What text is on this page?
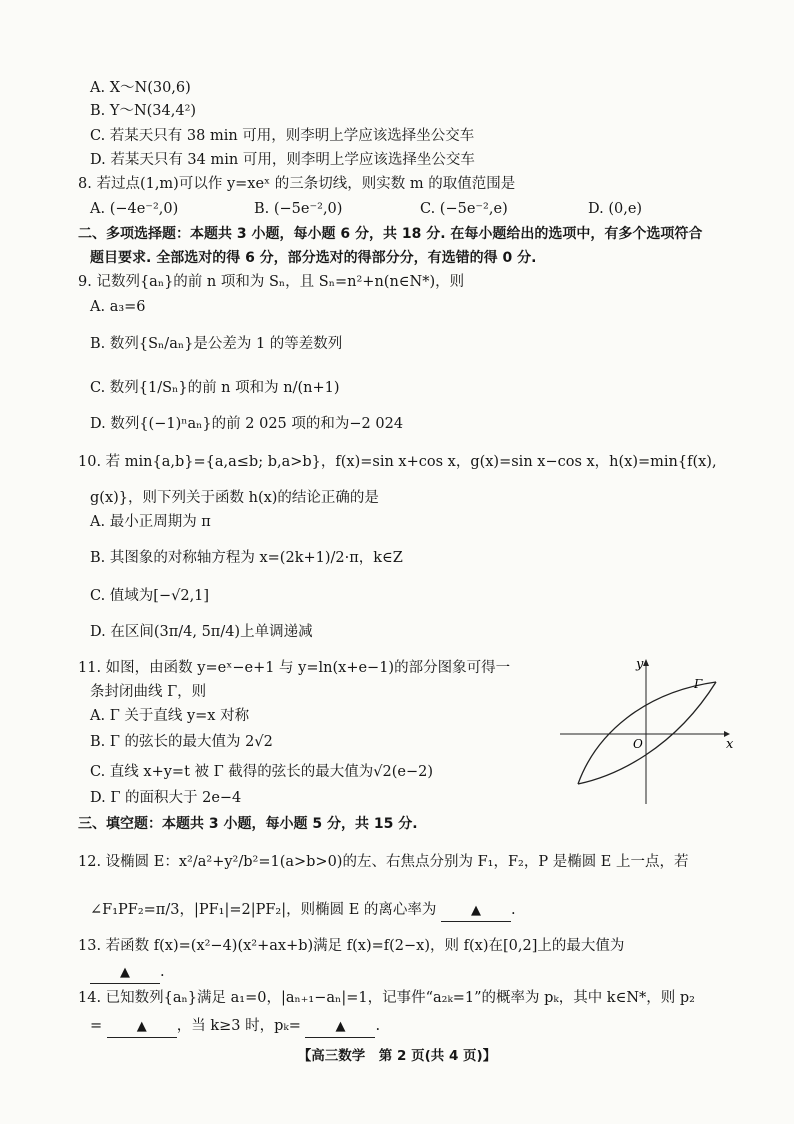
A. X～N(30,6)
B. Y～N(34,4²)
C. 若某天只有 38 min 可用，则李明上学应该选择坐公交车
D. 若某天只有 34 min 可用，则李明上学应该选择坐公交车
8. 若过点(1,m)可以作 y=xeˣ 的三条切线，则实数 m 的取值范围是
A. (−4e⁻²,0)	B. (−5e⁻²,0)	C. (−5e⁻²,e)	D. (0,e)
二、多项选择题：本题共 3 小题，每小题 6 分，共 18 分. 在每小题给出的选项中，有多个选项符合
题目要求. 全部选对的得 6 分，部分选对的得部分分，有选错的得 0 分.
9. 记数列{aₙ}的前 n 项和为 Sₙ，且 Sₙ=n²+n(n∈N*)，则
A. a₃=6
B. 数列{Sₙ/aₙ}是公差为 1 的等差数列
C. 数列{1/Sₙ}的前 n 项和为 n/(n+1)
D. 数列{(−1)ⁿaₙ}的前 2 025 项的和为−2 024
10. 若 min{a,b}={a,a≤b; b,a>b}，f(x)=sin x+cos x，g(x)=sin x−cos x，h(x)=min{f(x),
g(x)}，则下列关于函数 h(x)的结论正确的是
A. 最小正周期为 π
B. 其图象的对称轴方程为 x=(2k+1)/2·π，k∈Z
C. 值域为[−√2,1]
D. 在区间(3π/4, 5π/4)上单调递减
11. 如图，由函数 y=eˣ−e+1 与 y=ln(x+e−1)的部分图象可得一
条封闭曲线 Γ，则
A. Γ 关于直线 y=x 对称
B. Γ 的弦长的最大值为 2√2
C. 直线 x+y=t 被 Γ 截得的弦长的最大值为√2(e−2)
D. Γ 的面积大于 2e−4
y
x
O
Γ
三、填空题：本题共 3 小题，每小题 5 分，共 15 分.
12. 设椭圆 E：x²/a²+y²/b²=1(a>b>0)的左、右焦点分别为 F₁，F₂，P 是椭圆 E 上一点，若
∠F₁PF₂=π/3，|PF₁|=2|PF₂|，则椭圆 E 的离心率为	▲ .
13. 若函数 f(x)=(x²−4)(x²+ax+b)满足 f(x)=f(2−x)，则 f(x)在[0,2]上的最大值为
▲ .
14. 已知数列{aₙ}满足 a₁=0，|aₙ₊₁−aₙ|=1，记事件“a₂ₖ=1”的概率为 pₖ，其中 k∈N*，则 p₂
=	▲ ，当 k≥3 时，pₖ=	▲ .
【高三数学　第 2 页(共 4 页)】
